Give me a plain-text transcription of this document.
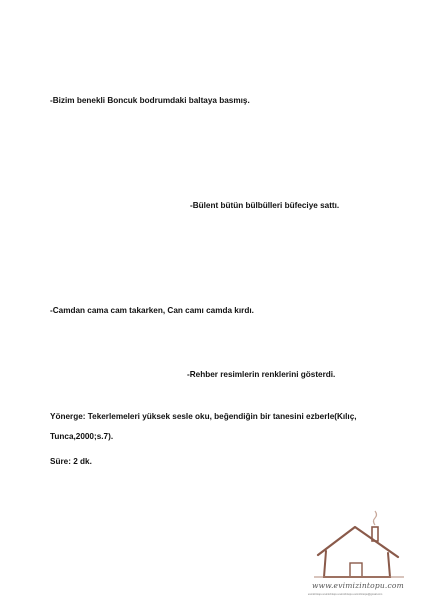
-Bizim benekli Boncuk bodrumdaki baltaya basmış.
-Bülent bütün bülbülleri büfeciye sattı.
-Camdan cama cam takarken, Can camı camda kırdı.
-Rehber resimlerin renklerini gösterdi.
Yönerge: Tekerlemeleri yüksek sesle oku, beğendiğin bir tanesini ezberle(Kılıç,
Tunca,2000;s.7).
Süre: 2 dk.
www.evimizintopu.com
evimizintopu evimizintopu evimizintopu evimizintopu@gmail.com
